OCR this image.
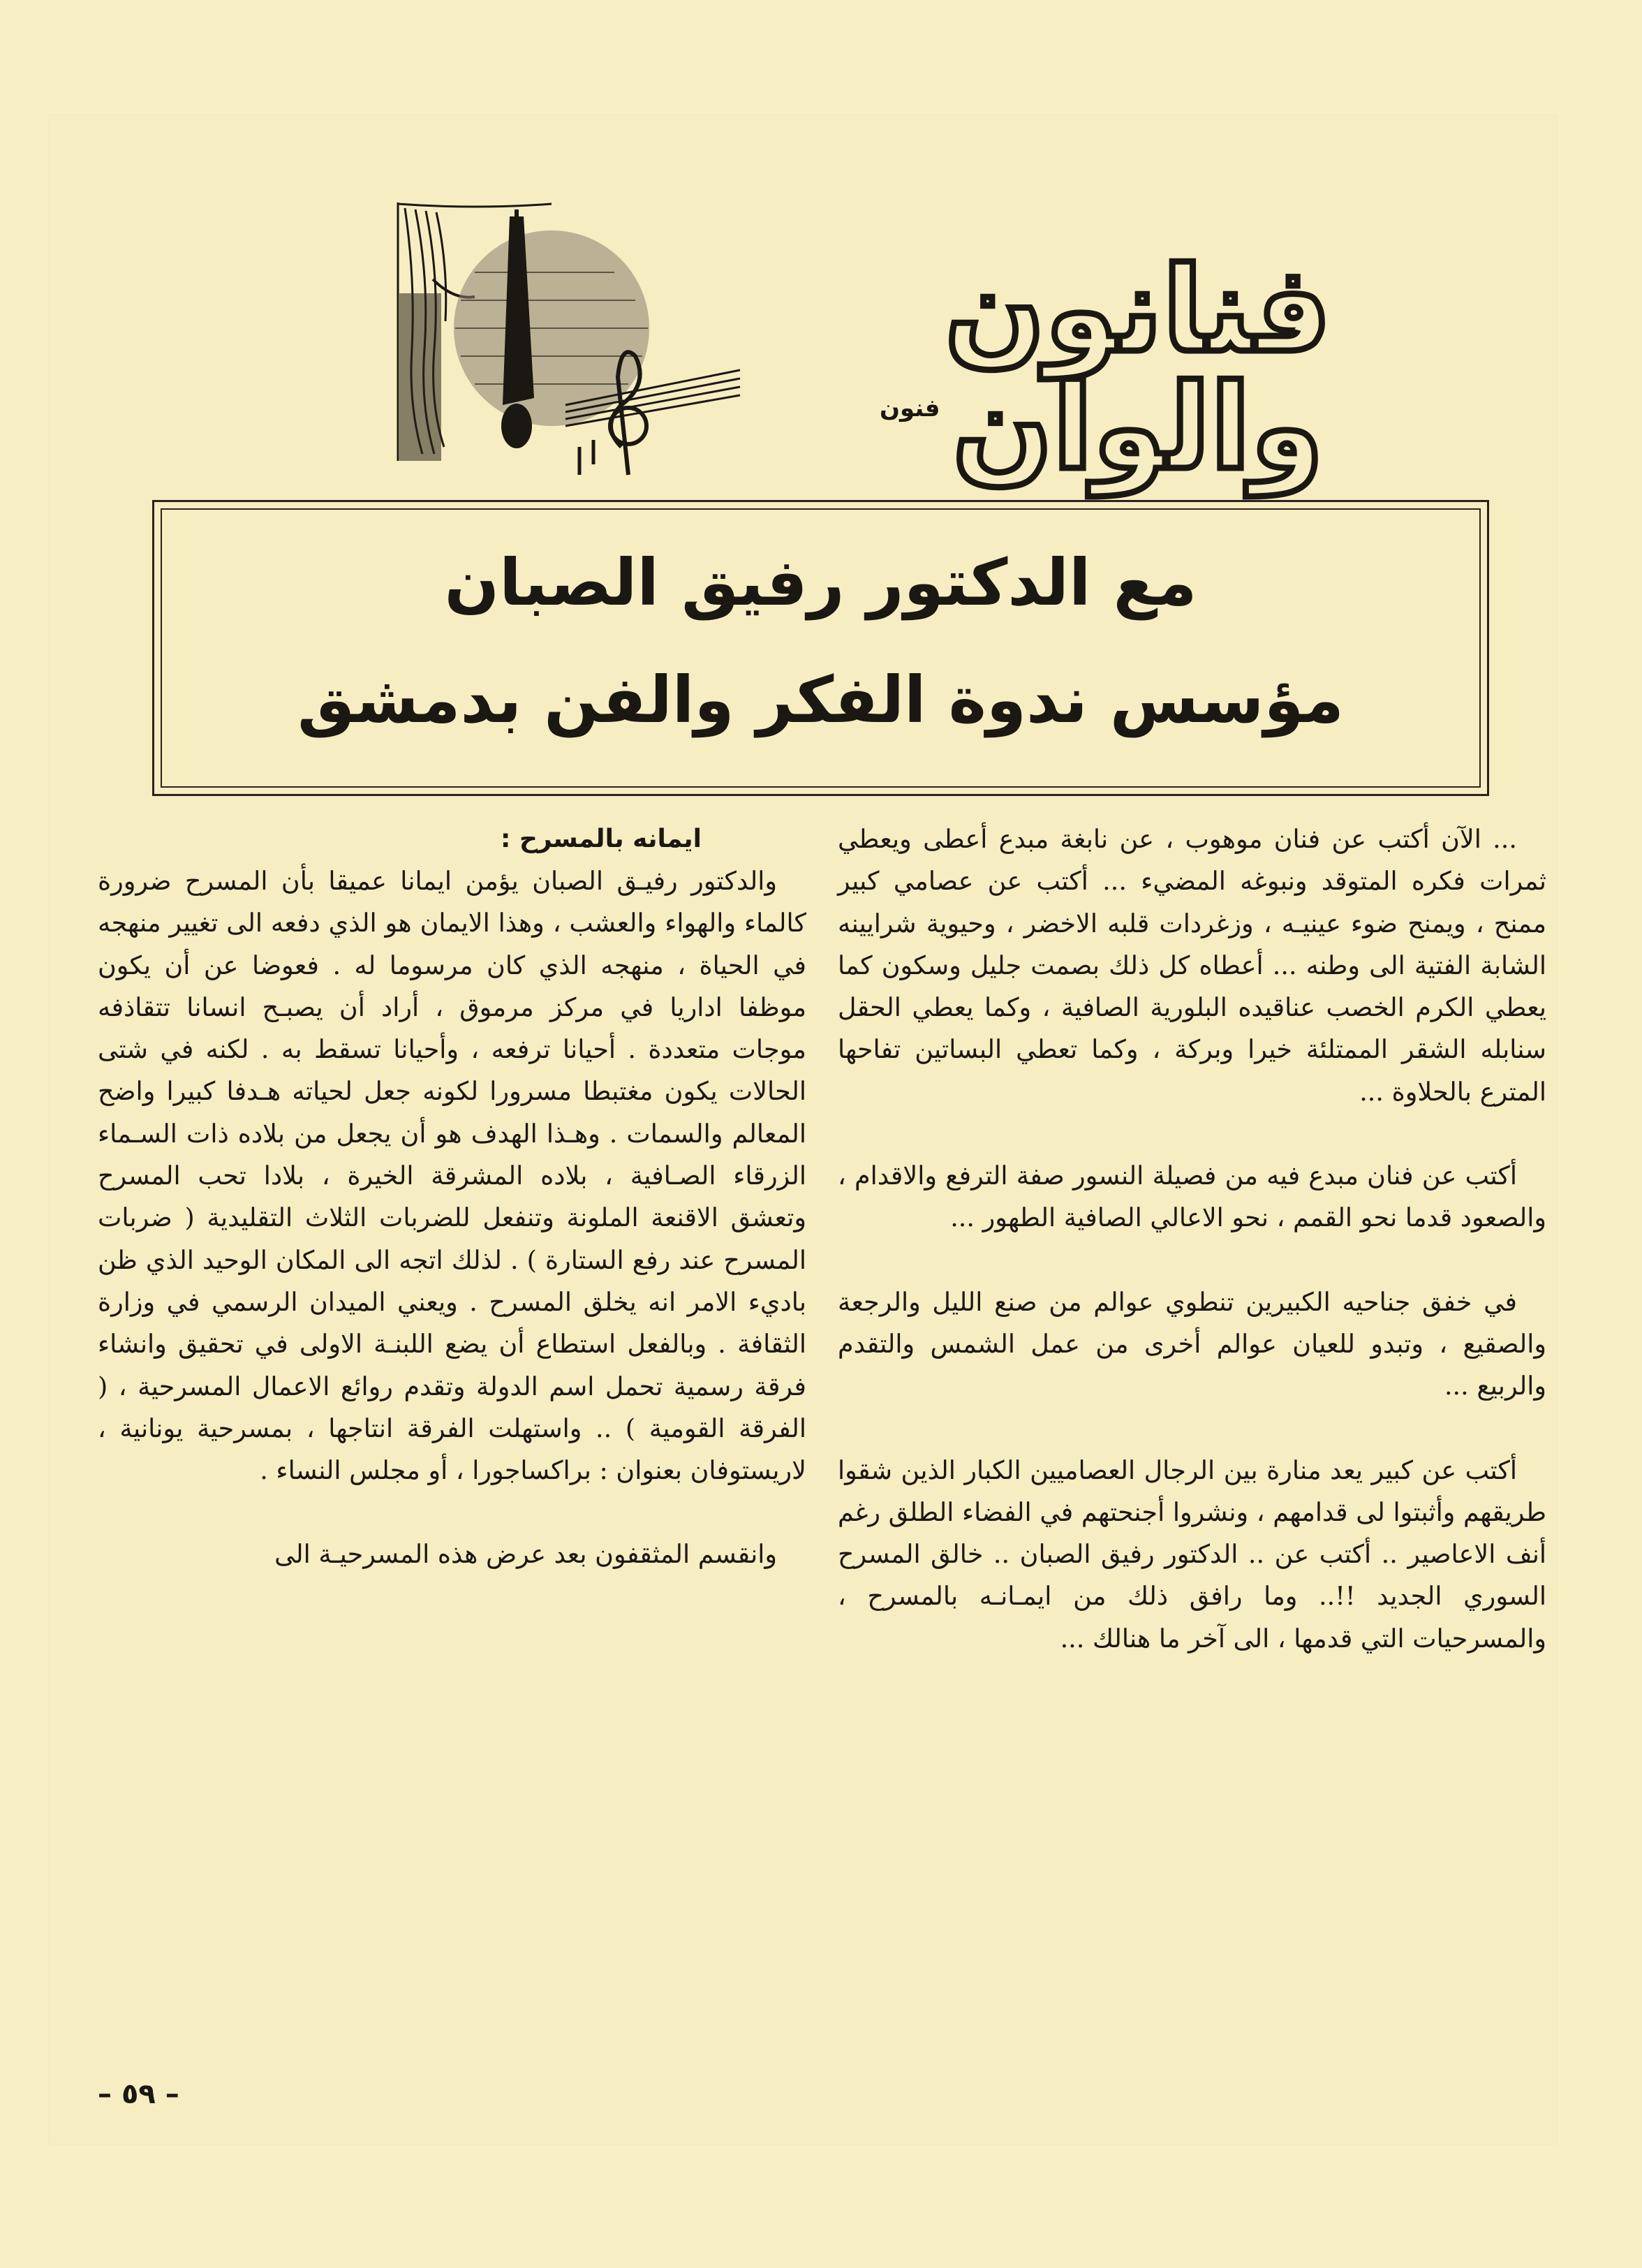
فنانون والوان
فنون
مع الدكتور رفيق الصبان
مؤسس ندوة الفكر والفن بدمشق

... الآن أكتب عن فنان موهوب ، عن نابغة مبدع أعطى ويعطي ثمرات فكره المتوقد ونبوغه المضيء ... أكتب عن عصامي كبير ممنح ، ويمنح ضوء عينيـه ، وزغردات قلبه الاخضر ، وحيوية شرايينه الشابة الفتية الى وطنه ... أعطاه كل ذلك بصمت جليل وسكون كما يعطي الكرم الخصب عناقيده البلورية الصافية ، وكما يعطي الحقل سنابله الشقر الممتلئة خيرا وبركة ، وكما تعطي البساتين تفاحها المترع بالحلاوة ...

أكتب عن فنان مبدع فيه من فصيلة النسور صفة الترفع والاقدام ، والصعود قدما نحو القمم ، نحو الاعالي الصافية الطهور ...

في خفق جناحيه الكبيرين تنطوي عوالم من صنع الليل والرجعة والصقيع ، وتبدو للعيان عوالم أخرى من عمل الشمس والتقدم والربيع ...

أكتب عن كبير يعد منارة بين الرجال العصاميين الكبار الذين شقوا طريقهم وأثبتوا لى قدامهم ، ونشروا أجنحتهم في الفضاء الطلق رغم أنف الاعاصير .. أكتب عن .. الدكتور رفيق الصبان .. خالق المسرح السوري الجديد !!.. وما رافق ذلك من ايمـانـه بالمسرح ، والمسرحيات التي قدمها ، الى آخر ما هنالك ...

ايمانه بالمسرح :

والدكتور رفيـق الصبان يؤمن ايمانا عميقا بأن المسرح ضرورة كالماء والهواء والعشب ، وهذا الايمان هو الذي دفعه الى تغيير منهجه في الحياة ، منهجه الذي كان مرسوما له . فعوضا عن أن يكون موظفا اداريا في مركز مرموق ، أراد أن يصبـح انسانا تتقاذفه موجات متعددة . أحيانا ترفعه ، وأحيانا تسقط به . لكنه في شتى الحالات يكون مغتبطا مسرورا لكونه جعل لحياته هـدفا كبيرا واضح المعالم والسمات . وهـذا الهدف هو أن يجعل من بلاده ذات السـماء الزرقاء الصـافية ، بلاده المشرقة الخيرة ، بلادا تحب المسرح وتعشق الاقنعة الملونة وتنفعل للضربات الثلاث التقليدية ( ضربات المسرح عند رفع الستارة ) . لذلك اتجه الى المكان الوحيد الذي ظن باديء الامر انه يخلق المسرح . ويعني الميدان الرسمي في وزارة الثقافة . وبالفعل استطاع أن يضع اللبنـة الاولى في تحقيق وانشاء فرقة رسمية تحمل اسم الدولة وتقدم روائع الاعمال المسرحية ، ( الفرقة القومية ) .. واستهلت الفرقة انتاجها ، بمسرحية يونانية ، لاريستوفان بعنوان : براكساجورا ، أو مجلس النساء .

وانقسم المثقفون بعد عرض هذه المسرحيـة الى

– ٥٩ –
